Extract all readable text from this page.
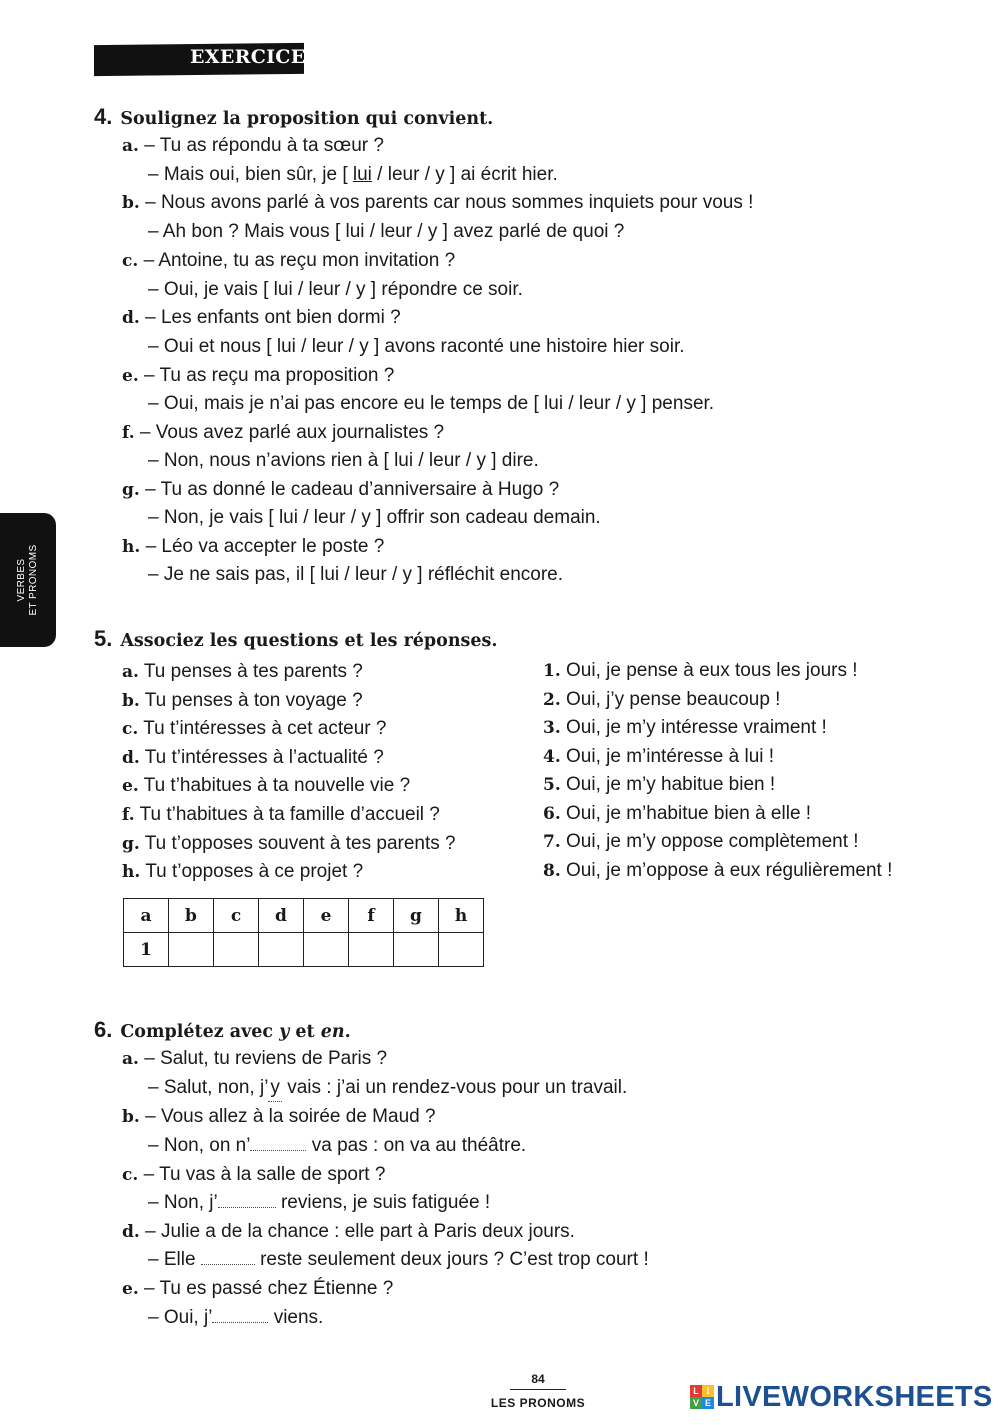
EXERCICES
VERBES ET PRONOMS
4. Soulignez la proposition qui convient.
a. – Tu as répondu à ta sœur ?
– Mais oui, bien sûr, je [ lui / leur / y ] ai écrit hier.
b. – Nous avons parlé à vos parents car nous sommes inquiets pour vous !
– Ah bon ? Mais vous [ lui / leur / y ] avez parlé de quoi ?
c. – Antoine, tu as reçu mon invitation ?
– Oui, je vais [ lui / leur / y ] répondre ce soir.
d. – Les enfants ont bien dormi ?
– Oui et nous [ lui / leur / y ] avons raconté une histoire hier soir.
e. – Tu as reçu ma proposition ?
– Oui, mais je n’ai pas encore eu le temps de [ lui / leur / y ] penser.
f. – Vous avez parlé aux journalistes ?
– Non, nous n’avions rien à [ lui / leur / y ] dire.
g. – Tu as donné le cadeau d’anniversaire à Hugo ?
– Non, je vais [ lui / leur / y ] offrir son cadeau demain.
h. – Léo va accepter le poste ?
– Je ne sais pas, il [ lui / leur / y ] réfléchit encore.
5. Associez les questions et les réponses.
a. Tu penses à tes parents ?
b. Tu penses à ton voyage ?
c. Tu t’intéresses à cet acteur ?
d. Tu t’intéresses à l’actualité ?
e. Tu t’habitues à ta nouvelle vie ?
f. Tu t’habitues à ta famille d’accueil ?
g. Tu t’opposes souvent à tes parents ?
h. Tu t’opposes à ce projet ?
1. Oui, je pense à eux tous les jours !
2. Oui, j’y pense beaucoup !
3. Oui, je m’y intéresse vraiment !
4. Oui, je m’intéresse à lui !
5. Oui, je m’y habitue bien !
6. Oui, je m’habitue bien à elle !
7. Oui, je m’y oppose complètement !
8. Oui, je m’oppose à eux régulièrement !
a	b	c	d	e	f	g	h
1							
6. Complétez avec y et en.
a. – Salut, tu reviens de Paris ?
– Salut, non, j’ y vais : j’ai un rendez-vous pour un travail.
b. – Vous allez à la soirée de Maud ?
– Non, on n’	va pas : on va au théâtre.
c. – Tu vas à la salle de sport ?
– Non, j’	reviens, je suis fatiguée !
d. – Julie a de la chance : elle part à Paris deux jours.
– Elle	reste seulement deux jours ? C’est trop court !
e. – Tu es passé chez Étienne ?
– Oui, j’	viens.
84
LES PRONOMS
L I
V E LIVEWORKSHEETS
